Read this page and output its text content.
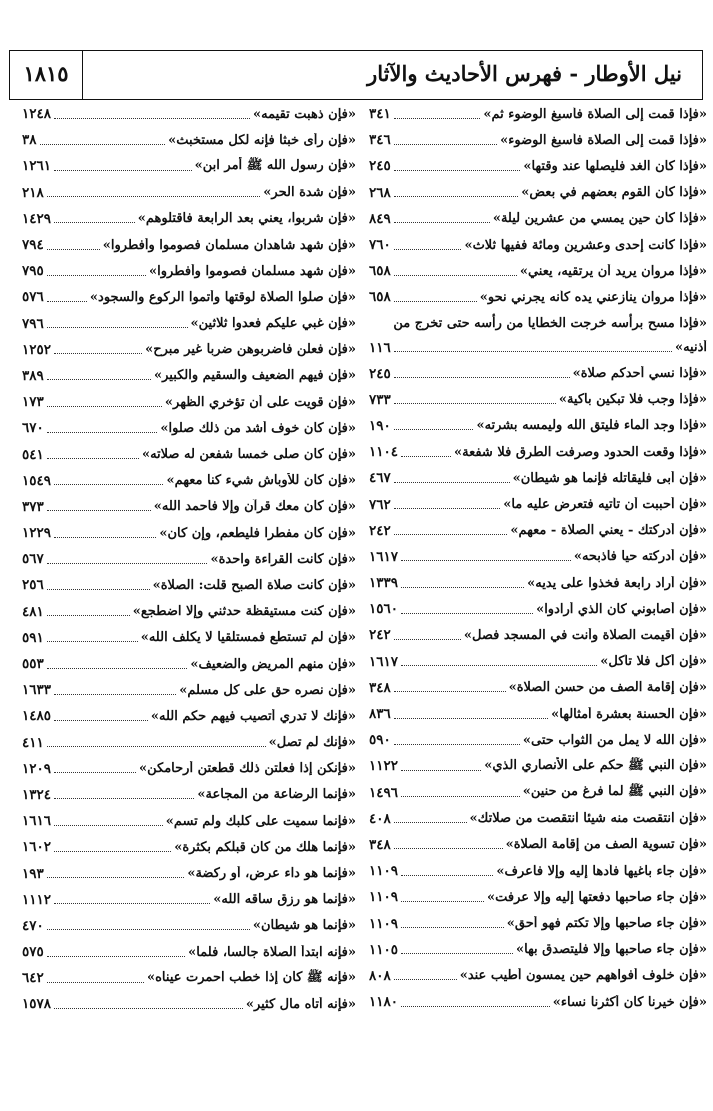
١٨١٥	نيل الأوطار - فهرس الأحاديث والآثار
«فإذا قمت إلى الصلاة فأسبغ الوضوء ثم»
٣٤١
«فإذا قمت إلى الصلاة فأسبغ الوضوء»
٣٤٦
«فإذا كان الغد فليصلها عند وقتها»
٢٤٥
«فإذا كان القوم بعضهم في بعض»
٢٦٨
«فإذا كان حين يمسي من عشرين ليلة»
٨٤٩
«فإذا كانت إحدى وعشرين ومائة ففيها ثلاث»
٧٦٠
«فإذا مروان يريد أن يرتقيه، يعني»
٦٥٨
«فإذا مروان ينازعني يده كأنه يجرني نحو»
٦٥٨
«فإذا مسح برأسه خرجت الخطايا من رأسه حتى تخرج من
أذنيه»
١١٦
«فإذا نسي أحدكم صلاة»
٢٤٥
«فإذا وجب فلا تبكين باكية»
٧٣٣
«فإذا وجد الماء فليتق الله وليمسه بشرته»
١٩٠
«فإذا وقعت الحدود وصرفت الطرق فلا شفعة»
١١٠٤
«فإن أبى فليقاتله فإنما هو شيطان»
٤٦٧
«فإن أحببت أن تأتيه فتعرض عليه ما»
٧٦٢
«فإن أدركتك - يعني الصلاة - معهم»
٢٤٢
«فإن أدركته حيا فاذبحه»
١٦١٧
«فإن أراد رابعة فخذوا على يديه»
١٣٣٩
«فإن أصابوني كان الذي أرادوا»
١٥٦٠
«فإن أقيمت الصلاة وأنت في المسجد فصل»
٢٤٢
«فإن أكل فلا تأكل»
١٦١٧
«فإن إقامة الصف من حسن الصلاة»
٣٤٨
«فإن الحسنة بعشرة أمثالها»
٨٣٦
«فإن الله لا يمل من الثواب حتى»
٥٩٠
«فإن النبي ﷺ حكم على الأنصاري الذي»
١١٢٢
«فإن النبي ﷺ لما فرغ من حنين»
١٤٩٦
«فإن انتقصت منه شيئا انتقصت من صلاتك»
٤٠٨
«فإن تسوية الصف من إقامة الصلاة»
٣٤٨
«فإن جاء باغيها فأدها إليه وإلا فاعرف»
١١٠٩
«فإن جاء صاحبها دفعتها إليه وإلا عرفت»
١١٠٩
«فإن جاء صاحبها وإلا تكتم فهو أحق»
١١٠٩
«فإن جاء صاحبها وإلا فليتصدق بها»
١١٠٥
«فإن خلوف أفواههم حين يمسون أطيب عند»
٨٠٨
«فإن خيرنا كان أكثرنا نساء»
١١٨٠
«فإن ذهبت تقيمه»
١٢٤٨
«فإن رأى خبثا فإنه لكل مستخبث»
٣٨
«فإن رسول الله ﷺ أمر ابن»
١٢٦١
«فإن شدة الحر»
٢١٨
«فإن شربوا، يعني بعد الرابعة فاقتلوهم»
١٤٢٩
«فإن شهد شاهدان مسلمان فصوموا وأفطروا»
٧٩٤
«فإن شهد مسلمان فصوموا وأفطروا»
٧٩٥
«فإن صلوا الصلاة لوقتها وأتموا الركوع والسجود»
٥٧٦
«فإن غبي عليكم فعدوا ثلاثين»
٧٩٦
«فإن فعلن فاضربوهن ضربا غير مبرح»
١٢٥٢
«فإن فيهم الضعيف والسقيم والكبير»
٣٨٩
«فإن قويت على أن تؤخري الظهر»
١٧٣
«فإن كان خوف أشد من ذلك صلوا»
٦٧٠
«فإن كان صلى خمسا شفعن له صلاته»
٥٤١
«فإن كان للأوباش شيء كنا معهم»
١٥٤٩
«فإن كان معك قرآن وإلا فاحمد الله»
٣٧٣
«فإن كان مفطرا فليطعم، وإن كان»
١٢٢٩
«فإن كانت القراءة واحدة»
٥٦٧
«فإن كانت صلاة الصبح قلت: الصلاة»
٢٥٦
«فإن كنت مستيقظة حدثني وإلا اضطجع»
٤٨١
«فإن لم تستطع فمستلقيا لا يكلف الله»
٥٩١
«فإن منهم المريض والضعيف»
٥٥٣
«فإن نصره حق على كل مسلم»
١٦٣٣
«فإنك لا تدري أتصيب فيهم حكم الله»
١٤٨٥
«فإنك لم تصل»
٤١١
«فإنكن إذا فعلتن ذلك قطعتن أرحامكن»
١٢٠٩
«فإنما الرضاعة من المجاعة»
١٣٢٤
«فإنما سميت على كلبك ولم تسم»
١٦١٦
«فإنما هلك من كان قبلكم بكثرة»
١٦٠٢
«فإنما هو داء عرض، أو ركضة»
١٩٣
«فإنما هو رزق ساقه الله»
١١١٢
«فإنما هو شيطان»
٤٧٠
«فإنه ابتدأ الصلاة جالسا، فلما»
٥٧٥
«فإنه ﷺ كان إذا خطب احمرت عيناه»
٦٤٢
«فإنه أتاه مال كثير»
١٥٧٨
